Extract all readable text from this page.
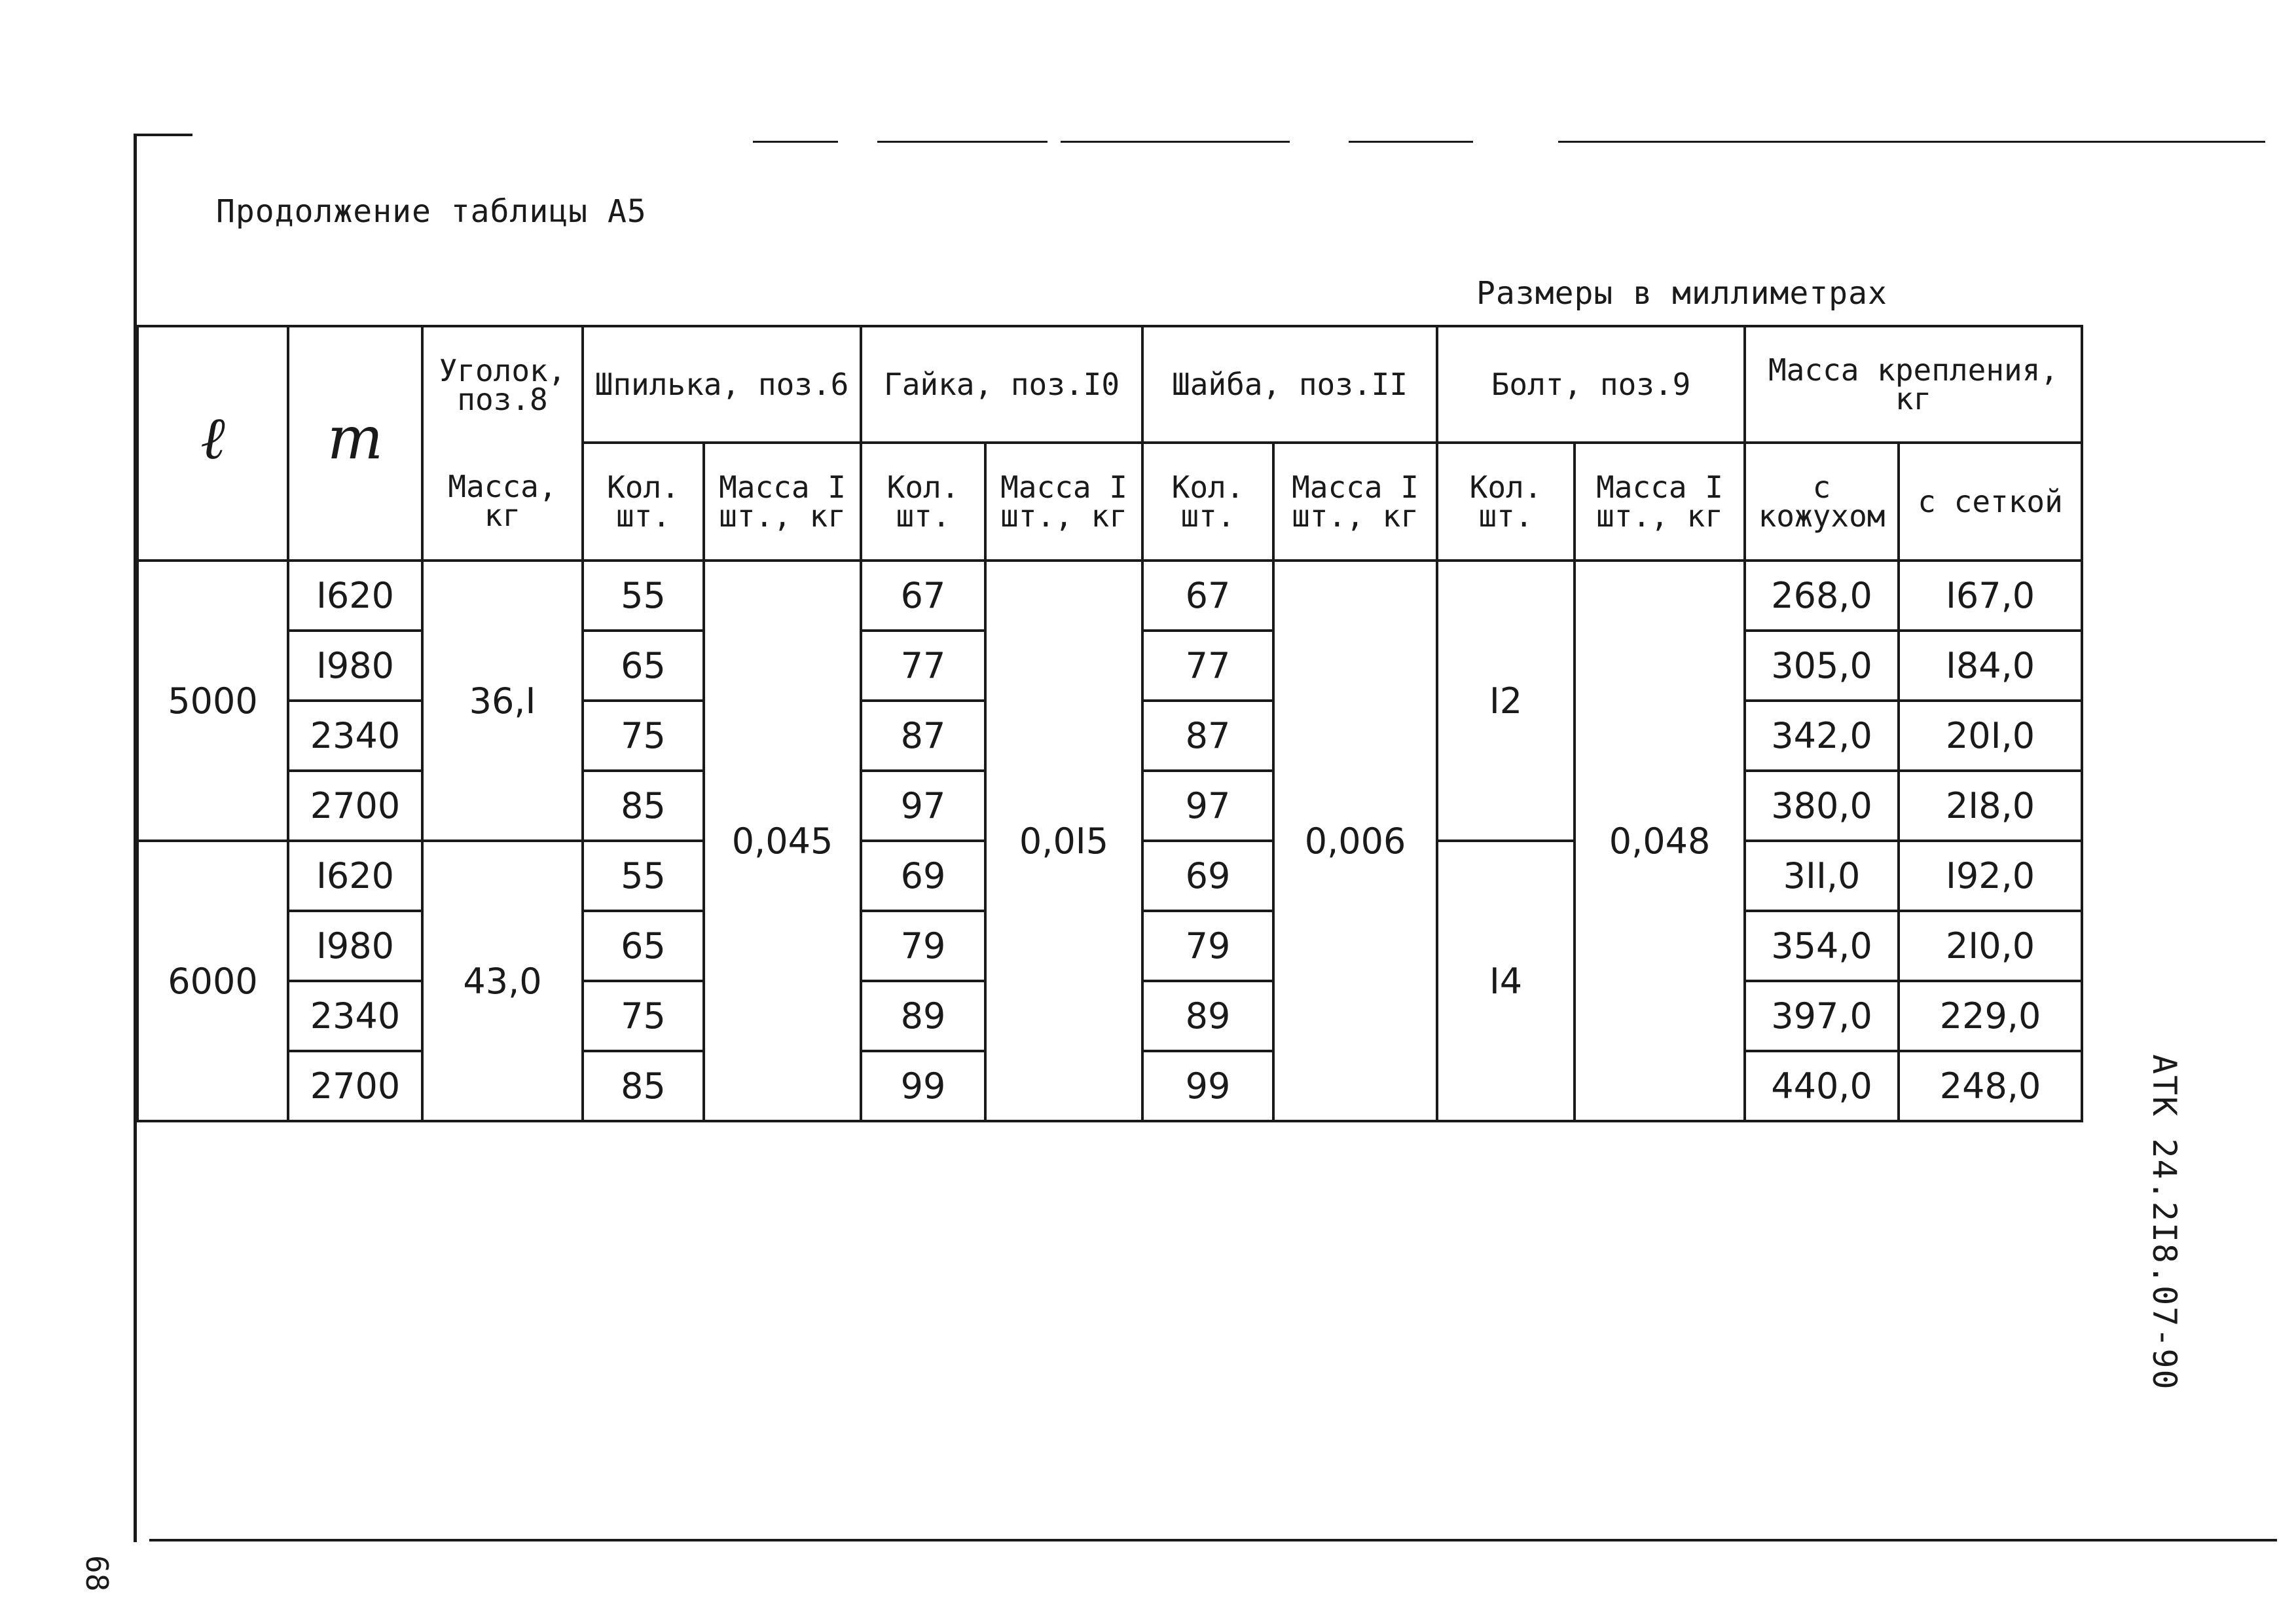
Продолжение таблицы А5
Размеры в миллиметрах
ℓ	m	Уголок, поз.8	Шпилька, поз.6		Гайка, поз.I0		Шайба, поз.II		Болт, поз.9		Масса крепления, кг	
		Масса, кг	Кол. шт.	Масса I шт., кг	Кол. шт.	Масса I шт., кг	Кол. шт.	Масса I шт., кг	Кол. шт.	Масса I шт., кг	с кожухом	с сеткой
5000	I620	36,I	55	0,045	67	0,0I5	67	0,006	I2	0,048	268,0	I67,0
	I980		65		77		77				305,0	I84,0
	2340		75		87		87				342,0	20I,0
	2700		85		97		97				380,0	2I8,0
6000	I620	43,0	55		69		69		I4		3II,0	I92,0
	I980		65		79		79				354,0	2I0,0
	2340		75		89		89				397,0	229,0
	2700		85		99		99				440,0	248,0	АТК 24.2I8.07-90
68
